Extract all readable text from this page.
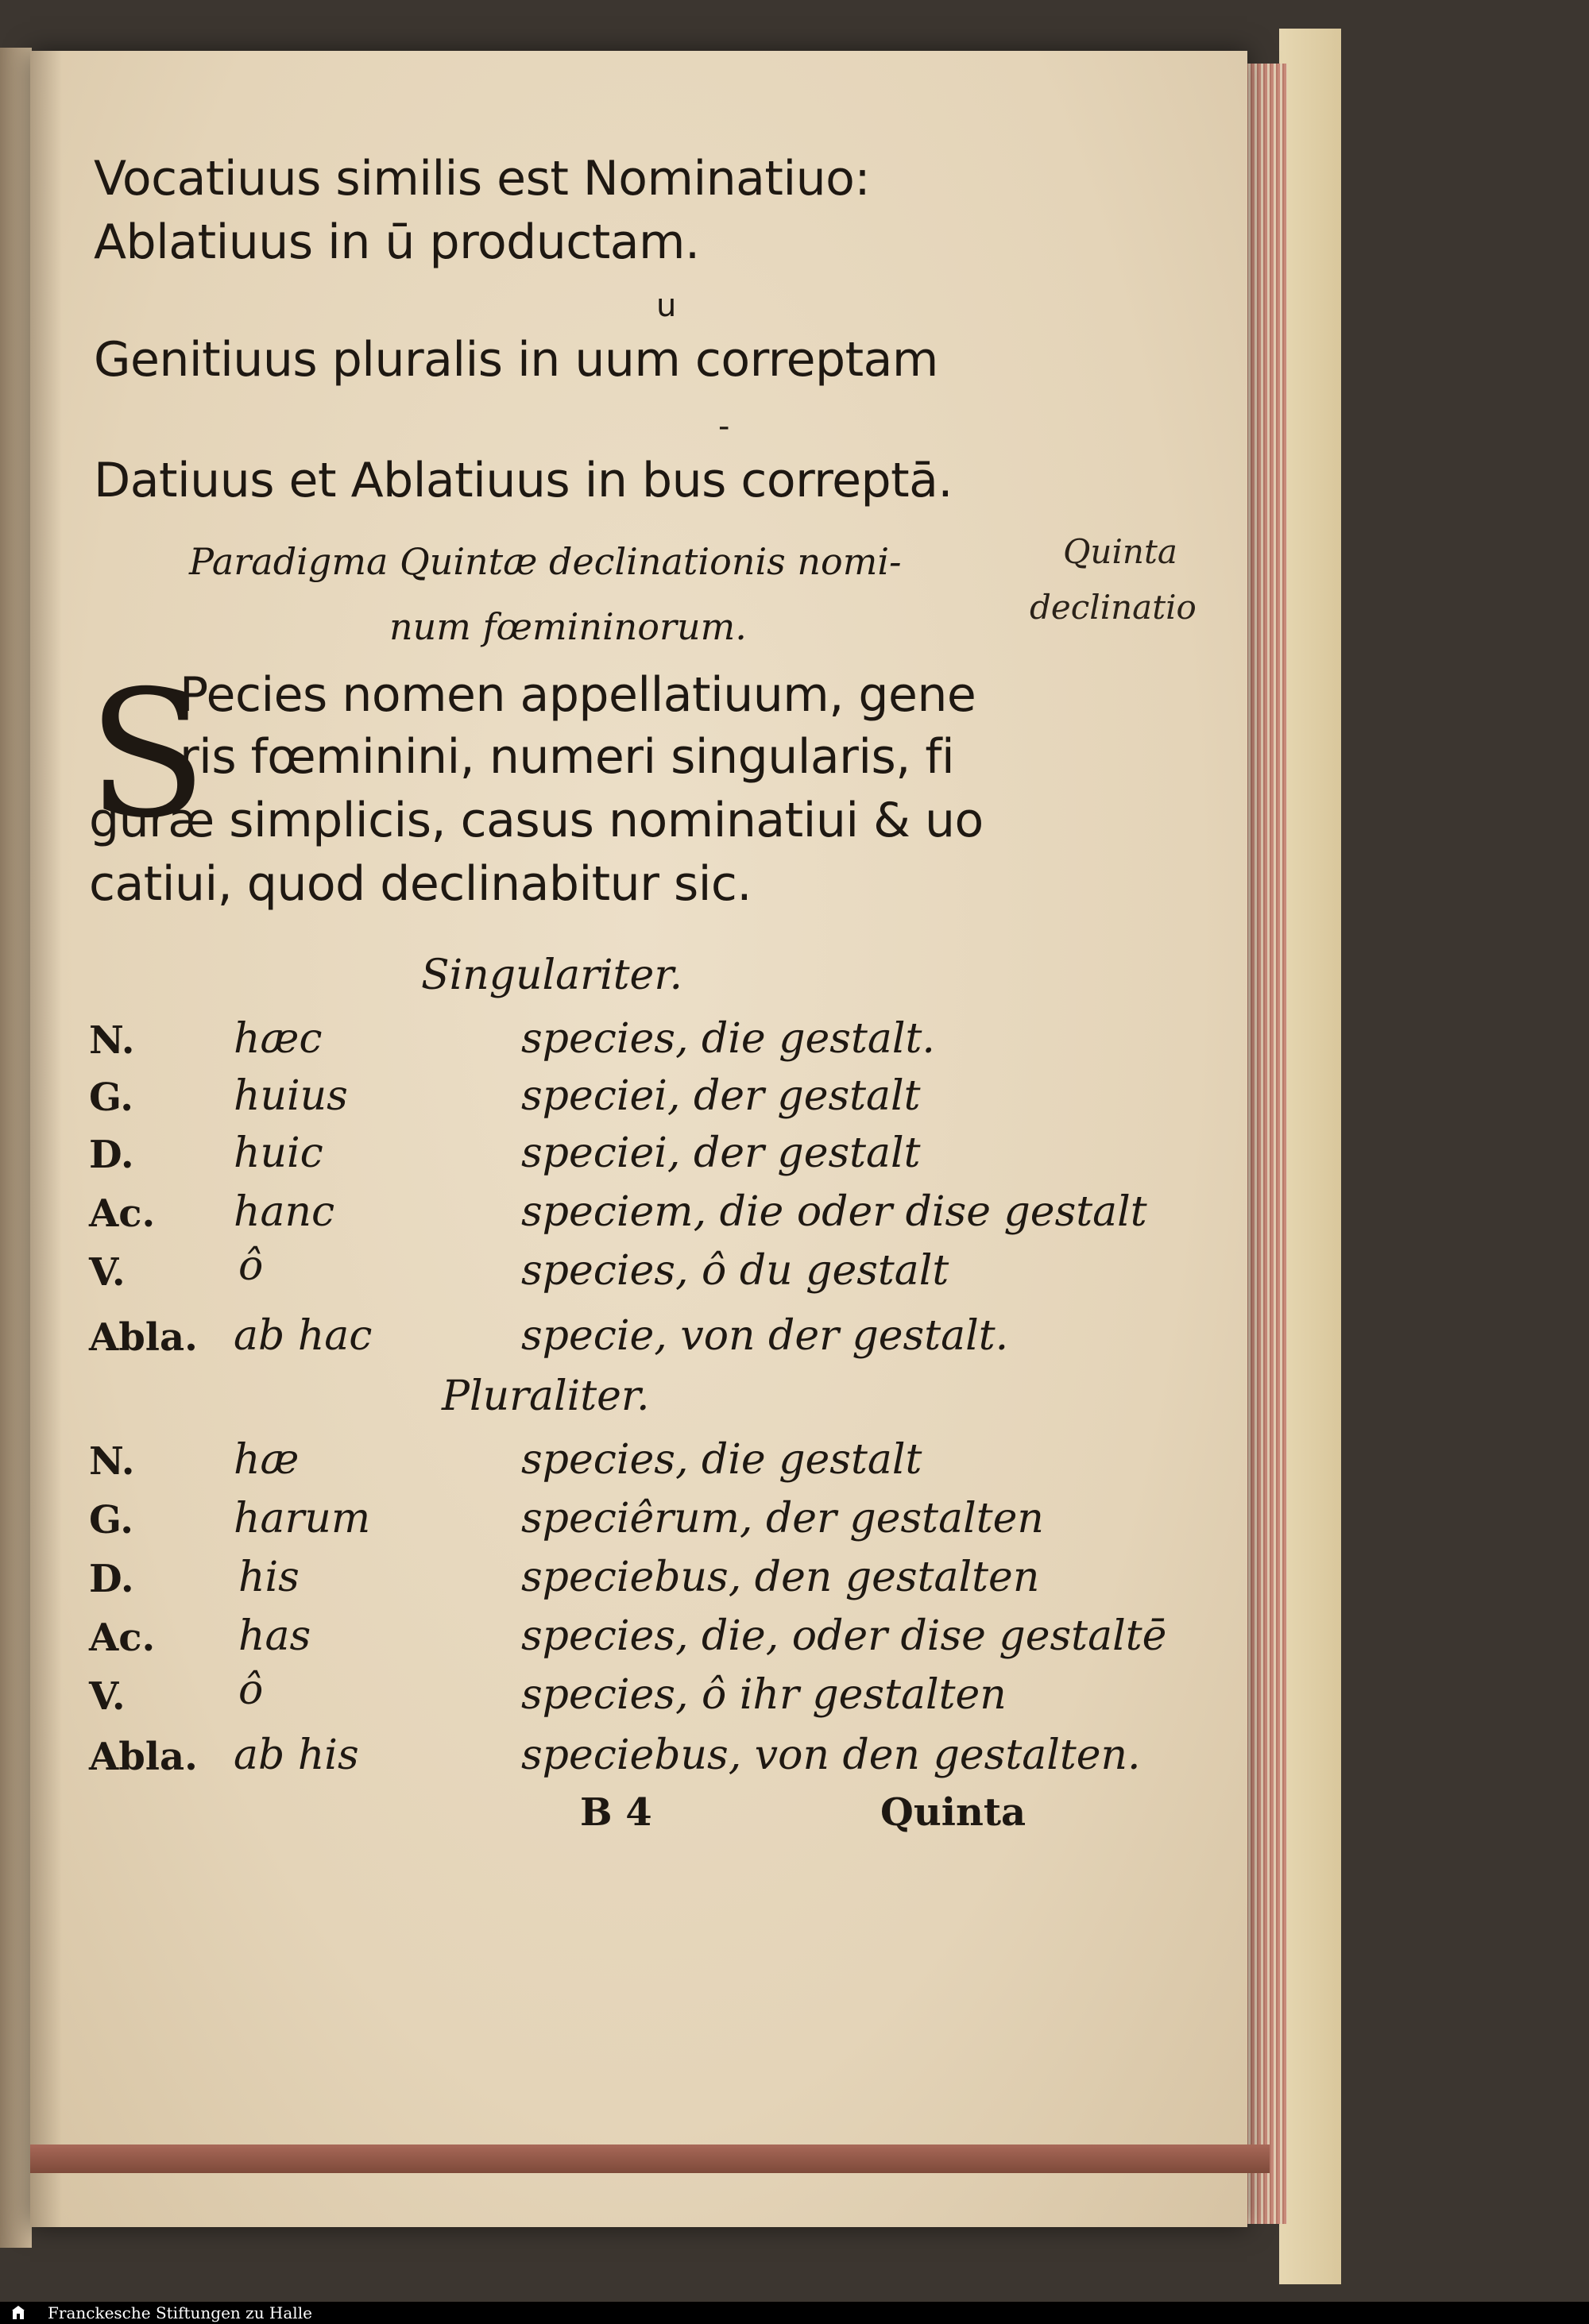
Vocatiuus similis est Nominatiuo:
Ablatiuus in ū productam.
u
Genitiuus pluralis in uum correptam
-
Datiuus et Ablatiuus in bus correptā.
Paradigma Quintæ declinationis nomi-
num fœmininorum.
Quinta
declinatio
S
Pecies nomen appellatiuum, gene
ris fœminini, numeri singularis, fi
guræ simplicis, casus nominatiui & uo
catiui, quod declinabitur sic.
Singulariter.
N. hæc	species, die gestalt.
G. huius	speciei, der gestalt
D. huic	speciei, der gestalt
Ac. hanc	speciem, die oder dise gestalt
V.	ô	species, ô du gestalt
Abla. ab hac	specie, von der gestalt.
Pluraliter.
N. hæ	species, die gestalt
G. harum	speciêrum, der gestalten
D.	his	speciebus, den gestalten
Ac. has	species, die, oder dise gestaltē
V.	ô	species, ô ihr gestalten
Abla. ab his	speciebus, von den gestalten.
B 4	Quinta
Franckesche Stiftungen zu Halle
